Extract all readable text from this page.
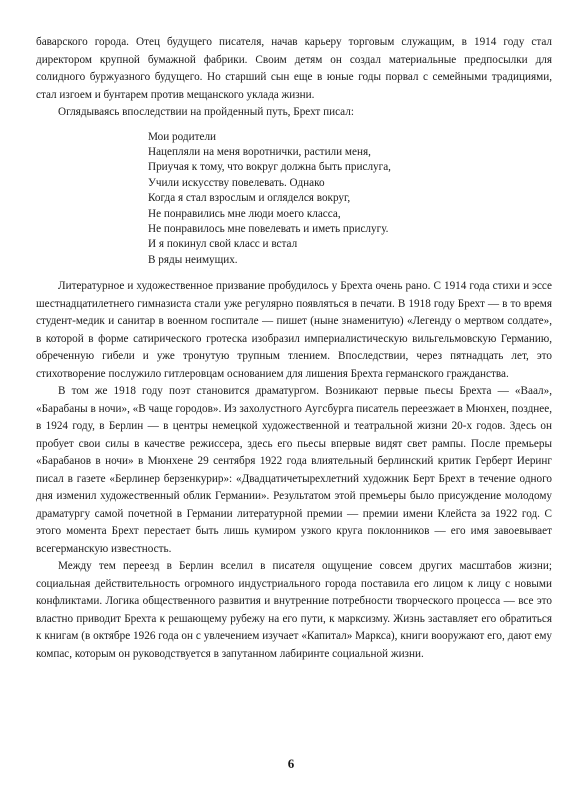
баварского города. Отец будущего писателя, начав карьеру торговым служащим, в 1914 году стал директором крупной бумажной фабрики. Своим детям он создал материальные предпосылки для солидного буржуазного будущего. Но старший сын еще в юные годы порвал с семейными традициями, стал изгоем и бунтарем против мещанского уклада жизни.

Оглядываясь впоследствии на пройденный путь, Брехт писал:

Мои родители
Нацепляли на меня воротнички, растили меня,
Приучая к тому, что вокруг должна быть прислуга,
Учили искусству повелевать. Однако
Когда я стал взрослым и огляделся вокруг,
Не понравились мне люди моего класса,
Не понравилось мне повелевать и иметь прислугу.
И я покинул свой класс и встал
В ряды неимущих.

Литературное и художественное призвание пробудилось у Брехта очень рано. С 1914 года стихи и эссе шестнадцатилетнего гимназиста стали уже регулярно появляться в печати. В 1918 году Брехт — в то время студент-медик и санитар в военном госпитале — пишет (ныне знаменитую) «Легенду о мертвом солдате», в которой в форме сатирического гротеска изобразил империалистическую вильгельмовскую Германию, обреченную гибели и уже тронутую трупным тлением. Впоследствии, через пятнадцать лет, это стихотворение послужило гитлеровцам основанием для лишения Брехта германского гражданства.

В том же 1918 году поэт становится драматургом. Возникают первые пьесы Брехта — «Ваал», «Барабаны в ночи», «В чаще городов». Из захолустного Аугсбурга писатель переезжает в Мюнхен, позднее, в 1924 году, в Берлин — в центры немецкой художественной и театральной жизни 20-х годов. Здесь он пробует свои силы в качестве режиссера, здесь его пьесы впервые видят свет рампы. После премьеры «Барабанов в ночи» в Мюнхене 29 сентября 1922 года влиятельный берлинский критик Герберт Иеринг писал в газете «Берлинер берзенкурир»: «Двадцатичетырехлетний художник Берт Брехт в течение одного дня изменил художественный облик Германии». Результатом этой премьеры было присуждение молодому драматургу самой почетной в Германии литературной премии — премии имени Клейста за 1922 год. С этого момента Брехт перестает быть лишь кумиром узкого круга поклонников — его имя завоевывает всегерманскую известность.

Между тем переезд в Берлин вселил в писателя ощущение совсем других масштабов жизни; социальная действительность огромного индустриального города поставила его лицом к лицу с новыми конфликтами. Логика общественного развития и внутренние потребности творческого процесса — все это властно приводит Брехта к решающему рубежу на его пути, к марксизму. Жизнь заставляет его обратиться к книгам (в октябре 1926 года он с увлечением изучает «Капитал» Маркса), книги вооружают его, дают ему компас, которым он руководствуется в запутанном лабиринте социальной жизни.

6
